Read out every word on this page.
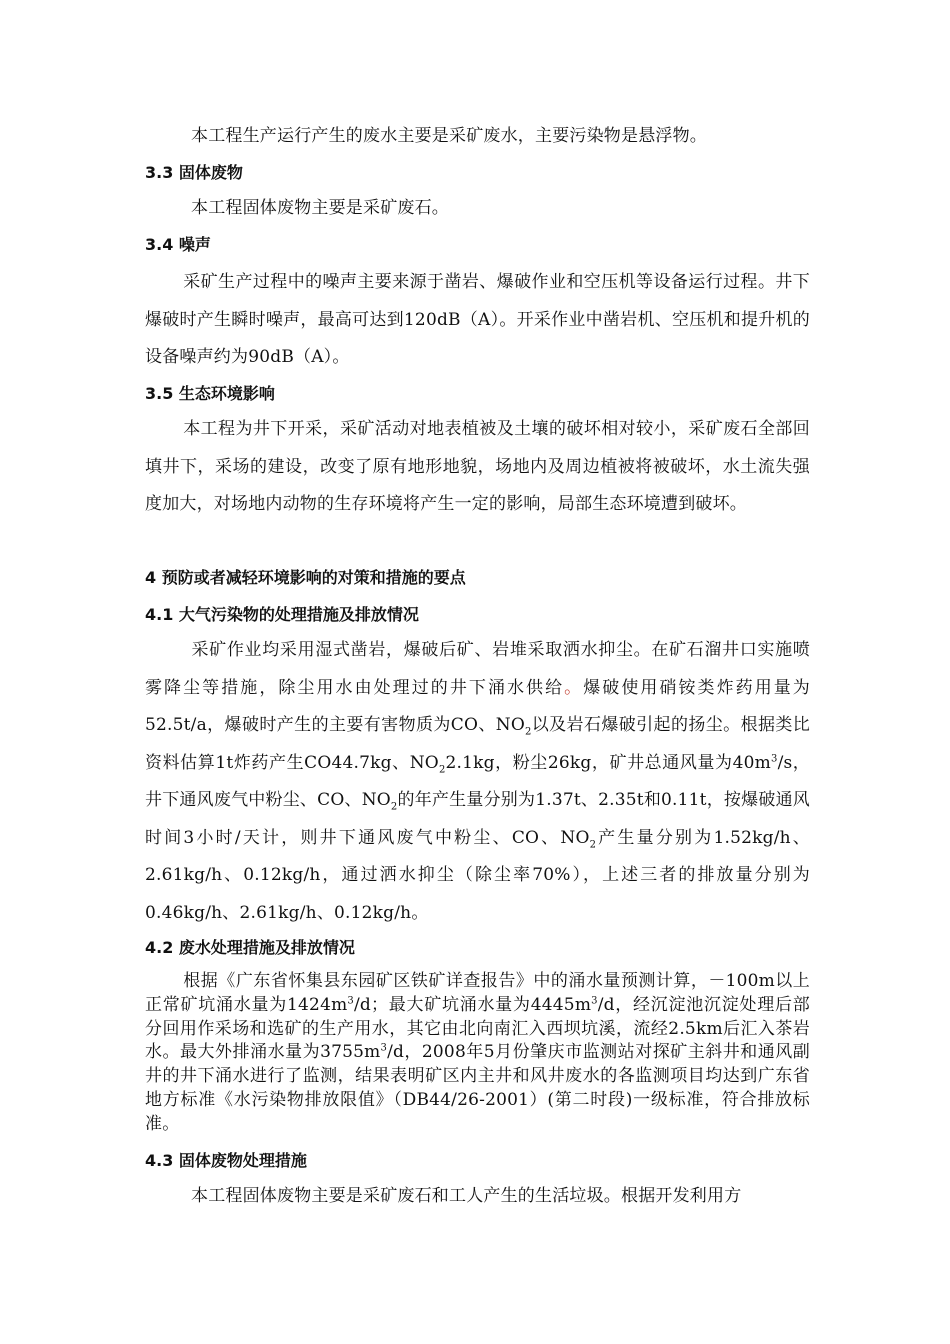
本工程生产运行产生的废水主要是采矿废水，主要污染物是悬浮物。

3.3 固体废物

本工程固体废物主要是采矿废石。

3.4 噪声

采矿生产过程中的噪声主要来源于凿岩、爆破作业和空压机等设备运行过程。井下爆破时产生瞬时噪声，最高可达到120dB（A）。开采作业中凿岩机、空压机和提升机的设备噪声约为90dB（A）。

3.5 生态环境影响

本工程为井下开采，采矿活动对地表植被及土壤的破坏相对较小，采矿废石全部回填井下，采场的建设，改变了原有地形地貌，场地内及周边植被将被破坏，水土流失强度加大，对场地内动物的生存环境将产生一定的影响，局部生态环境遭到破坏。

4 预防或者减轻环境影响的对策和措施的要点
4.1 大气污染物的处理措施及排放情况

采矿作业均采用湿式凿岩，爆破后矿、岩堆采取洒水抑尘。在矿石溜井口实施喷雾降尘等措施，除尘用水由处理过的井下涌水供给。爆破使用硝铵类炸药用量为52.5t/a，爆破时产生的主要有害物质为CO、$NO_2$以及岩石爆破引起的扬尘。根据类比资料估算1t炸药产生CO44.7kg、$NO_22.1kg$，粉尘26kg，矿井总通风量为$40m^3/s$，井下通风废气中粉尘、CO、$NO_2$的年产生量分别为1.37t、2.35t和0.11t，按爆破通风时间3小时/天计，则井下通风废气中粉尘、CO、$NO_2$产生量分别为1.52kg/h、2.61kg/h、0.12kg/h，通过洒水抑尘（除尘率70%），上述三者的排放量分别为0.46kg/h、2.61kg/h、0.12kg/h。

4.2 废水处理措施及排放情况

根据《广东省怀集县东园矿区铁矿详查报告》中的涌水量预测计算，－100m以上正常矿坑涌水量为$1424m^3/d$；最大矿坑涌水量为$4445m^3/d$，经沉淀池沉淀处理后部分回用作采场和选矿的生产用水，其它由北向南汇入西坝坑溪，流经2.5km后汇入茶岩水。最大外排涌水量为$3755m^3/d$，2008年5月份肇庆市监测站对探矿主斜井和通风副井的井下涌水进行了监测，结果表明矿区内主井和风井废水的各监测项目均达到广东省地方标准《水污染物排放限值》（DB44/26-2001）(第二时段)一级标准，符合排放标准。

4.3 固体废物处理措施

本工程固体废物主要是采矿废石和工人产生的生活垃圾。根据开发利用方
